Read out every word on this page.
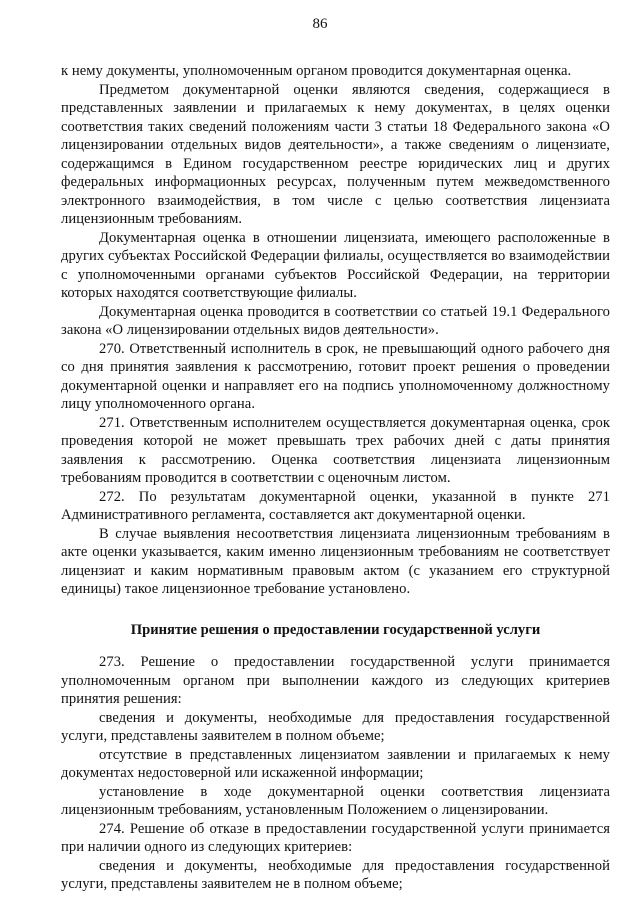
86

к нему документы, уполномоченным органом проводится документарная оценка.

Предметом документарной оценки являются сведения, содержащиеся в представленных заявлении и прилагаемых к нему документах, в целях оценки соответствия таких сведений положениям части 3 статьи 18 Федерального закона «О лицензировании отдельных видов деятельности», а также сведениям о лицензиате, содержащимся в Едином государственном реестре юридических лиц и других федеральных информационных ресурсах, полученным путем межведомственного электронного взаимодействия, в том числе с целью соответствия лицензиата лицензионным требованиям.

Документарная оценка в отношении лицензиата, имеющего расположенные в других субъектах Российской Федерации филиалы, осуществляется во взаимодействии с уполномоченными органами субъектов Российской Федерации, на территории которых находятся соответствующие филиалы.

Документарная оценка проводится в соответствии со статьей 19.1 Федерального закона «О лицензировании отдельных видов деятельности».

270. Ответственный исполнитель в срок, не превышающий одного рабочего дня со дня принятия заявления к рассмотрению, готовит проект решения о проведении документарной оценки и направляет его на подпись уполномоченному должностному лицу уполномоченного органа.

271. Ответственным исполнителем осуществляется документарная оценка, срок проведения которой не может превышать трех рабочих дней с даты принятия заявления к рассмотрению. Оценка соответствия лицензиата лицензионным требованиям проводится в соответствии с оценочным листом.

272. По результатам документарной оценки, указанной в пункте 271 Административного регламента, составляется акт документарной оценки.

В случае выявления несоответствия лицензиата лицензионным требованиям в акте оценки указывается, каким именно лицензионным требованиям не соответствует лицензиат и каким нормативным правовым актом (с указанием его структурной единицы) такое лицензионное требование установлено.

Принятие решения о предоставлении государственной услуги

273. Решение о предоставлении государственной услуги принимается уполномоченным органом при выполнении каждого из следующих критериев принятия решения:

сведения и документы, необходимые для предоставления государственной услуги, представлены заявителем в полном объеме;

отсутствие в представленных лицензиатом заявлении и прилагаемых к нему документах недостоверной или искаженной информации;

установление в ходе документарной оценки соответствия лицензиата лицензионным требованиям, установленным Положением о лицензировании.

274. Решение об отказе в предоставлении государственной услуги принимается при наличии одного из следующих критериев:

сведения и документы, необходимые для предоставления государственной услуги, представлены заявителем не в полном объеме;
